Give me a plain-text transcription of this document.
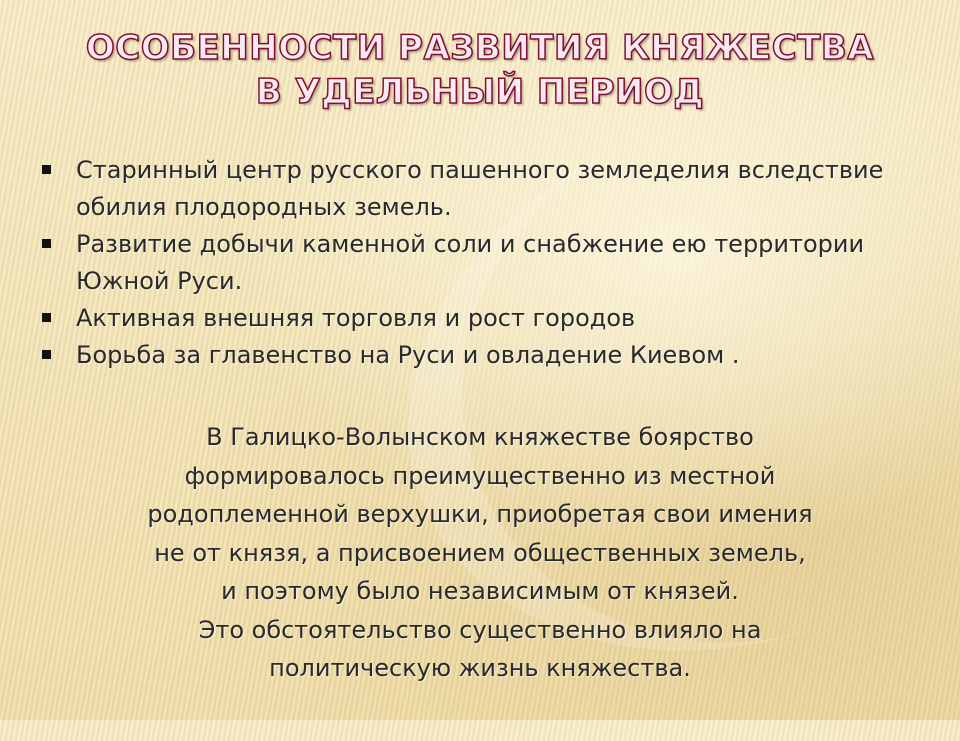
ОСОБЕННОСТИ РАЗВИТИЯ КНЯЖЕСТВА
В УДЕЛЬНЫЙ ПЕРИОД
Старинный центр русского пашенного земледелия вследствие обилия плодородных земель.
Развитие добычи каменной соли и снабжение ею территории Южной Руси.
Активная внешняя торговля и рост городов
Борьба за главенство на Руси и овладение Киевом .
В Галицко-Волынском княжестве боярство
формировалось преимущественно из местной
родоплеменной верхушки, приобретая свои имения
не от князя, а присвоением общественных земель,
и поэтому было независимым от князей.
Это обстоятельство существенно влияло на
политическую жизнь княжества.
